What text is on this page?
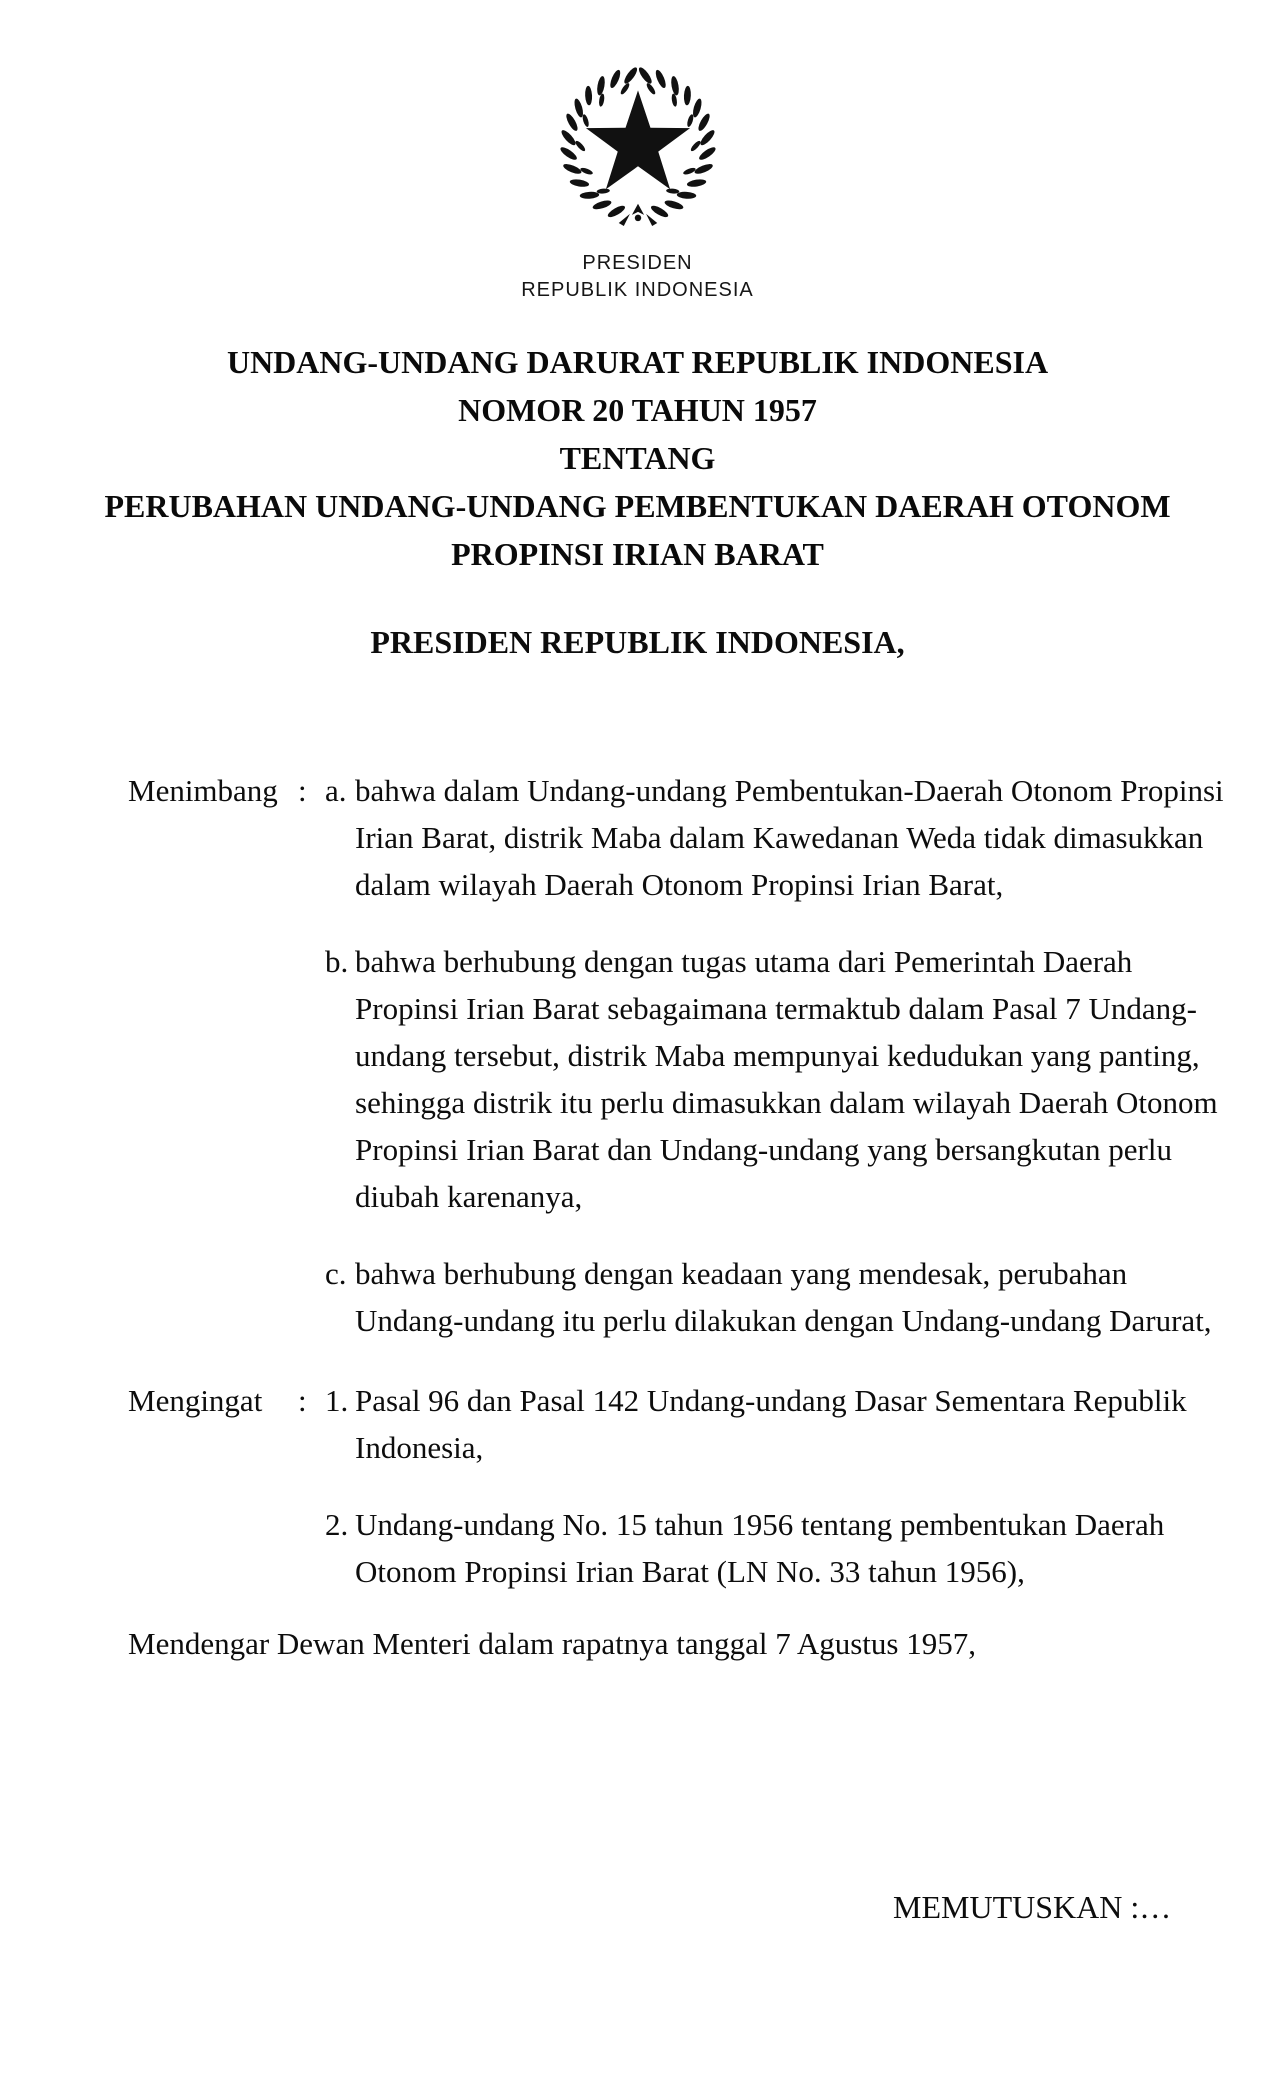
PRESIDEN
REPUBLIK INDONESIA
UNDANG-UNDANG DARURAT REPUBLIK INDONESIA
NOMOR 20 TAHUN 1957
TENTANG
PERUBAHAN UNDANG-UNDANG PEMBENTUKAN DAERAH OTONOM
PROPINSI IRIAN BARAT
PRESIDEN REPUBLIK INDONESIA,
Menimbang : a. bahwa dalam Undang-undang Pembentukan-Daerah Otonom Propinsi
Irian Barat, distrik Maba dalam Kawedanan Weda tidak dimasukkan
dalam wilayah Daerah Otonom Propinsi Irian Barat,
b. bahwa berhubung dengan tugas utama dari Pemerintah Daerah
Propinsi Irian Barat sebagaimana termaktub dalam Pasal 7 Undang-
undang tersebut, distrik Maba mempunyai kedudukan yang panting,
sehingga distrik itu perlu dimasukkan dalam wilayah Daerah Otonom
Propinsi Irian Barat dan Undang-undang yang bersangkutan perlu
diubah karenanya,
c. bahwa berhubung dengan keadaan yang mendesak, perubahan
Undang-undang itu perlu dilakukan dengan Undang-undang Darurat,
Mengingat	: 1. Pasal 96 dan Pasal 142 Undang-undang Dasar Sementara Republik
Indonesia,
2. Undang-undang No. 15 tahun 1956 tentang pembentukan Daerah
Otonom Propinsi Irian Barat (LN No. 33 tahun 1956),
Mendengar Dewan Menteri dalam rapatnya tanggal 7 Agustus 1957,
MEMUTUSKAN :…
